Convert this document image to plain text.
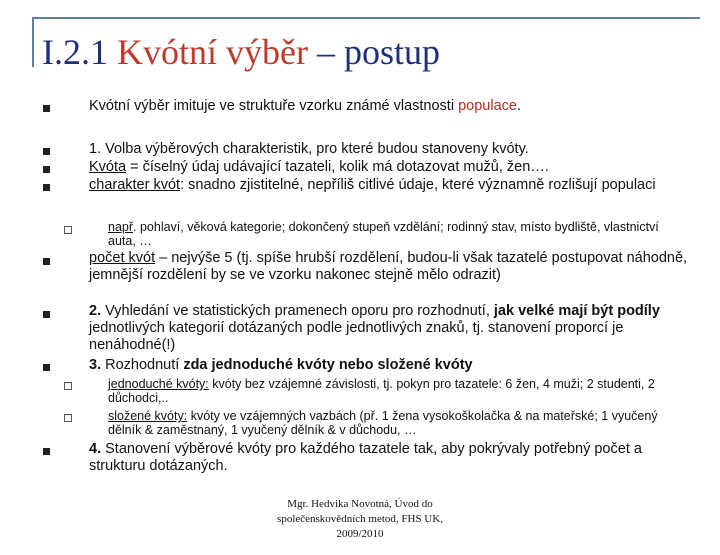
I.2.1 Kvótní výběr – postup
Kvótní výběr imituje ve struktuře vzorku známé vlastnosti populace.
1. Volba výběrových charakteristik, pro které budou stanoveny kvóty.
Kvóta = číselný údaj udávající tazateli, kolik má dotazovat mužů, žen….
charakter kvót: snadno zjistitelné, nepříliš citlivé údaje, které významně rozlišují populaci
např. pohlaví, věková kategorie; dokončený stupeň vzdělání; rodinný stav, místo bydliště, vlastnictví auta, …
počet kvót – nejvýše 5 (tj. spíše hrubší rozdělení, budou-li však tazatelé postupovat náhodně, jemnější rozdělení by se ve vzorku nakonec stejně mělo odrazit)
2. Vyhledání ve statistických pramenech oporu pro rozhodnutí, jak velké mají být podíly jednotlivých kategorií dotázaných podle jednotlivých znaků, tj. stanovení proporcí je nenáhodné(!)
3. Rozhodnutí zda jednoduché kvóty nebo složené kvóty
jednoduché kvóty: kvóty bez vzájemné závislosti, tj. pokyn pro tazatele: 6 žen, 4 muži; 2 studenti, 2 důchodci,..
složené kvóty: kvóty ve vzájemných vazbách (př. 1 žena vysokoškolačka & na mateřské; 1 vyučený dělník & zaměstnaný, 1 vyučený dělník & v důchodu, …
4. Stanovení výběrové kvóty pro každého tazatele tak, aby pokrývaly potřebný počet a strukturu dotázaných.
Mgr. Hedvika Novotná, Úvod do
společenskovědních metod, FHS UK,
2009/2010
